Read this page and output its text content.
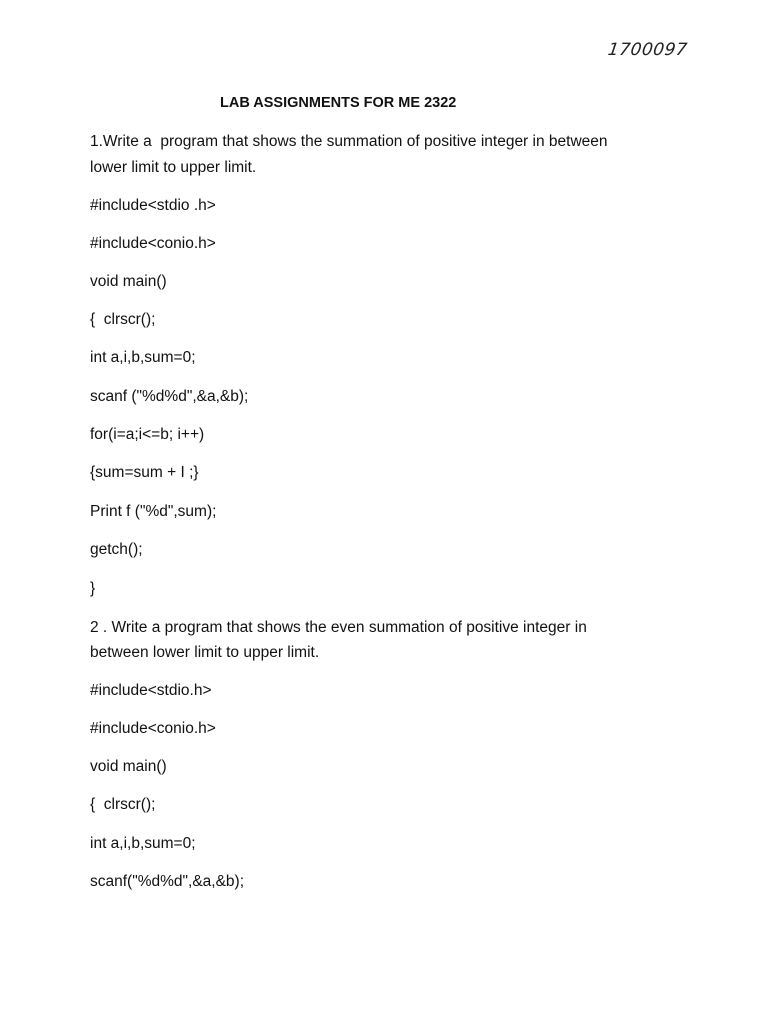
1700097
LAB ASSIGNMENTS FOR ME 2322
1.Write a  program that shows the summation of positive integer in between
lower limit to upper limit.
#include<stdio .h>
#include<conio.h>
void main()
{  clrscr();
int a,i,b,sum=0;
scanf ("%d%d",&a,&b);
for(i=a;i<=b; i++)
{sum=sum + I ;}
Print f ("%d",sum);
getch();
}
2 . Write a program that shows the even summation of positive integer in
between lower limit to upper limit.
#include<stdio.h>
#include<conio.h>
void main()
{  clrscr();
int a,i,b,sum=0;
scanf("%d%d",&a,&b);
